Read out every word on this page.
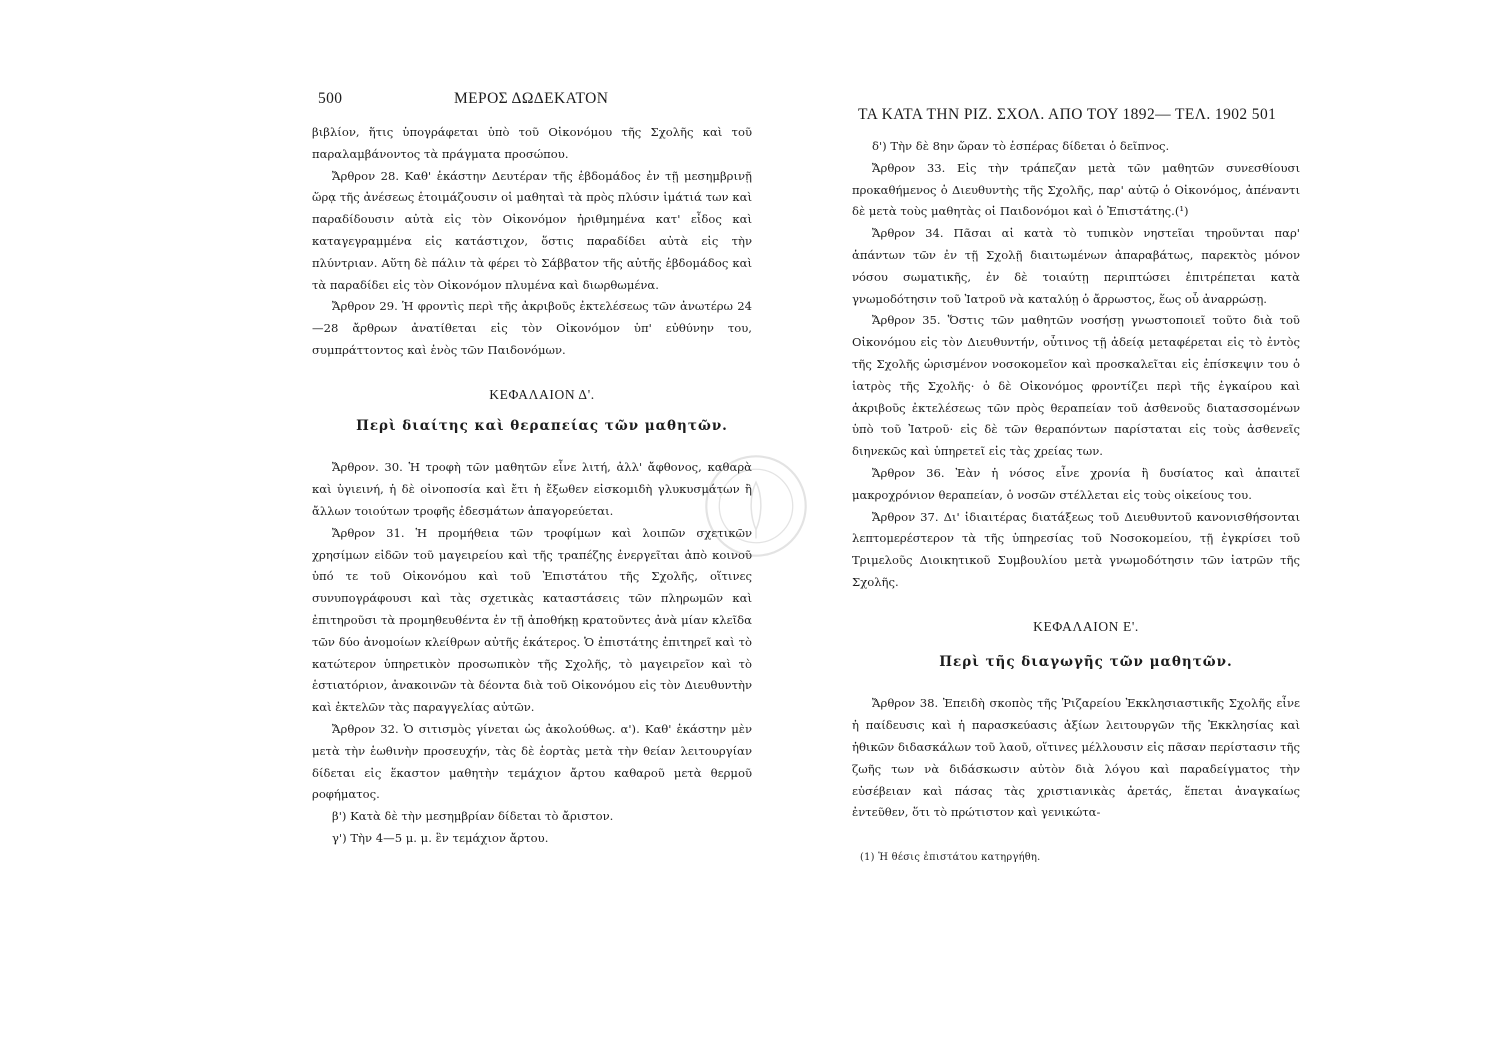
500	ΜΕΡΟΣ ΔΩΔΕΚΑΤΟΝ

βιβλίον, ἥτις ὑπογράφεται ὑπὸ τοῦ Οἰκονόμου τῆς Σχολῆς καὶ τοῦ παραλαμβάνοντος τὰ πράγματα προσώπου.

Ἄρθρον 28. Καθ' ἑκάστην Δευτέραν τῆς ἑβδομάδος ἐν τῇ μεσημβρινῇ ὥρᾳ τῆς ἀνέσεως ἑτοιμάζουσιν οἱ μαθηταὶ τὰ πρὸς πλύσιν ἱμάτιά των καὶ παραδίδουσιν αὐτὰ εἰς τὸν Οἰκονόμον ἠριθμημένα κατ' εἶδος καὶ καταγεγραμμένα εἰς κατάστιχον, ὅστις παραδίδει αὐτὰ εἰς τὴν πλύντριαν. Αὕτη δὲ πάλιν τὰ φέρει τὸ Σάββατον τῆς αὐτῆς ἑβδομάδος καὶ τὰ παραδίδει εἰς τὸν Οἰκονόμον πλυμένα καὶ διωρθωμένα.

Ἄρθρον 29. Ἡ φροντὶς περὶ τῆς ἀκριβοῦς ἐκτελέσεως τῶν ἀνωτέρω 24—28 ἄρθρων ἀνατίθεται εἰς τὸν Οἰκονόμον ὑπ' εὐθύνην του, συμπράττοντος καὶ ἑνὸς τῶν Παιδονόμων.

ΚΕΦΑΛΑΙΟΝ Δ'.

Περὶ διαίτης καὶ θεραπείας τῶν μαθητῶν.

Ἄρθρον. 30. Ἡ τροφὴ τῶν μαθητῶν εἶνε λιτή, ἀλλ' ἄφθονος, καθαρὰ καὶ ὑγιεινή, ἡ δὲ οἰνοποσία καὶ ἔτι ἡ ἔξωθεν εἰσκομιδὴ γλυκυσμάτων ἢ ἄλλων τοιούτων τροφῆς ἐδεσμάτων ἀπαγορεύεται.

Ἄρθρον 31. Ἡ προμήθεια τῶν τροφίμων καὶ λοιπῶν σχετικῶν χρησίμων εἰδῶν τοῦ μαγειρείου καὶ τῆς τραπέζης ἐνεργεῖται ἀπὸ κοινοῦ ὑπό τε τοῦ Οἰκονόμου καὶ τοῦ Ἐπιστάτου τῆς Σχολῆς, οἵτινες συνυπογράφουσι καὶ τὰς σχετικὰς καταστάσεις τῶν πληρωμῶν καὶ ἐπιτηροῦσι τὰ προμηθευθέντα ἐν τῇ ἀποθήκῃ κρατοῦντες ἀνὰ μίαν κλεῖδα τῶν δύο ἀνομοίων κλείθρων αὐτῆς ἑκάτερος. Ὁ ἐπιστάτης ἐπιτηρεῖ καὶ τὸ κατώτερον ὑπηρετικὸν προσωπικὸν τῆς Σχολῆς, τὸ μαγειρεῖον καὶ τὸ ἑστιατόριον, ἀνακοινῶν τὰ δέοντα διὰ τοῦ Οἰκονόμου εἰς τὸν Διευθυντὴν καὶ ἐκτελῶν τὰς παραγγελίας αὐτῶν.

Ἄρθρον 32. Ὁ σιτισμὸς γίνεται ὡς ἀκολούθως. α'). Καθ' ἑκάστην μὲν μετὰ τὴν ἑωθινὴν προσευχήν, τὰς δὲ ἑορτὰς μετὰ τὴν θείαν λειτουργίαν δίδεται εἰς ἕκαστον μαθητὴν τεμάχιον ἄρτου καθαροῦ μετὰ θερμοῦ ροφήματος.

β') Κατὰ δὲ τὴν μεσημβρίαν δίδεται τὸ ἄριστον.

γ') Τὴν 4—5 μ. μ. ἓν τεμάχιον ἄρτου.

ΤΑ ΚΑΤΑ ΤΗΝ ΡΙΖ. ΣΧΟΛ. ΑΠΟ ΤΟΥ 1892— ΤΕΛ. 1902 501

δ') Τὴν δὲ 8ην ὥραν τὸ ἑσπέρας δίδεται ὁ δεῖπνος.

Ἄρθρον 33. Εἰς τὴν τράπεζαν μετὰ τῶν μαθητῶν συνεσθίουσι προκαθήμενος ὁ Διευθυντὴς τῆς Σχολῆς, παρ' αὐτῷ ὁ Οἰκονόμος, ἀπέναντι δὲ μετὰ τοὺς μαθητὰς οἱ Παιδονόμοι καὶ ὁ Ἐπιστάτης.(¹)

Ἄρθρον 34. Πᾶσαι αἱ κατὰ τὸ τυπικὸν νηστεῖαι τηροῦνται παρ' ἁπάντων τῶν ἐν τῇ Σχολῇ διαιτωμένων ἀπαραβάτως, παρεκτὸς μόνον νόσου σωματικῆς, ἐν δὲ τοιαύτῃ περιπτώσει ἐπιτρέπεται κατὰ γνωμοδότησιν τοῦ Ἰατροῦ νὰ καταλύῃ ὁ ἄρρωστος, ἕως οὗ ἀναρρώσῃ.

Ἄρθρον 35. Ὅστις τῶν μαθητῶν νοσήσῃ γνωστοποιεῖ τοῦτο διὰ τοῦ Οἰκονόμου εἰς τὸν Διευθυντήν, οὗτινος τῇ ἀδείᾳ μεταφέρεται εἰς τὸ ἐντὸς τῆς Σχολῆς ὡρισμένον νοσοκομεῖον καὶ προσκαλεῖται εἰς ἐπίσκεψιν του ὁ ἰατρὸς τῆς Σχολῆς· ὁ δὲ Οἰκονόμος φροντίζει περὶ τῆς ἐγκαίρου καὶ ἀκριβοῦς ἐκτελέσεως τῶν πρὸς θεραπείαν τοῦ ἀσθενοῦς διατασσομένων ὑπὸ τοῦ Ἰατροῦ· εἰς δὲ τῶν θεραπόντων παρίσταται εἰς τοὺς ἀσθενεῖς διηνεκῶς καὶ ὑπηρετεῖ εἰς τὰς χρείας των.

Ἄρθρον 36. Ἐὰν ἡ νόσος εἶνε χρονία ἢ δυσίατος καὶ ἀπαιτεῖ μακροχρόνιον θεραπείαν, ὁ νοσῶν στέλλεται εἰς τοὺς οἰκείους του.

Ἄρθρον 37. Δι' ἰδιαιτέρας διατάξεως τοῦ Διευθυντοῦ κανονισθήσονται λεπτομερέστερον τὰ τῆς ὑπηρεσίας τοῦ Νοσοκομείου, τῇ ἐγκρίσει τοῦ Τριμελοῦς Διοικητικοῦ Συμβουλίου μετὰ γνωμοδότησιν τῶν ἰατρῶν τῆς Σχολῆς.

ΚΕΦΑΛΑΙΟΝ Ε'.

Περὶ τῆς διαγωγῆς τῶν μαθητῶν.

Ἄρθρον 38. Ἐπειδὴ σκοπὸς τῆς Ῥιζαρείου Ἐκκλησιαστικῆς Σχολῆς εἶνε ἡ παίδευσις καὶ ἡ παρασκεύασις ἀξίων λειτουργῶν τῆς Ἐκκλησίας καὶ ἠθικῶν διδασκάλων τοῦ λαοῦ, οἵτινες μέλλουσιν εἰς πᾶσαν περίστασιν τῆς ζωῆς των νὰ διδάσκωσιν αὐτὸν διὰ λόγου καὶ παραδείγματος τὴν εὐσέβειαν καὶ πάσας τὰς χριστιανικὰς ἀρετάς, ἕπεται ἀναγκαίως ἐντεῦθεν, ὅτι τὸ πρώτιστον καὶ γενικώτα-

(1) Ἡ θέσις ἐπιστάτου κατηργήθη.
